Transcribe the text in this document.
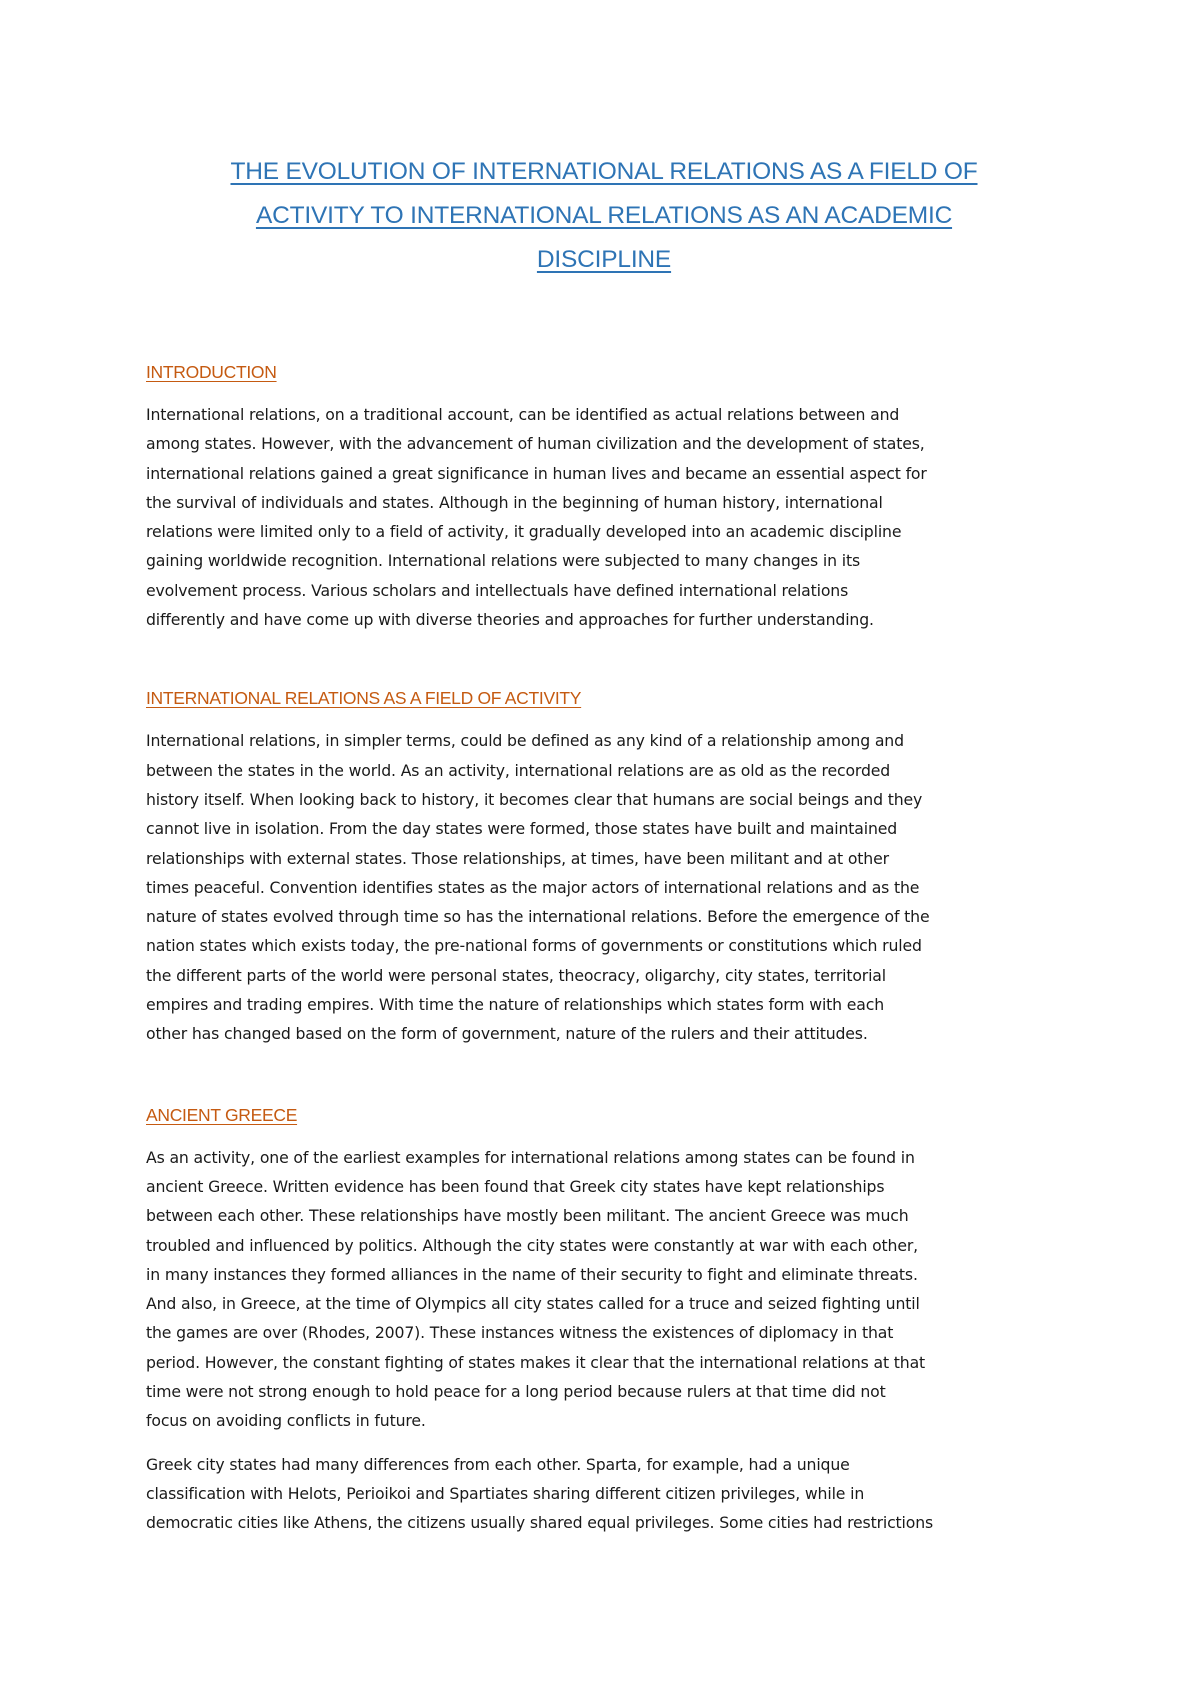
THE EVOLUTION OF INTERNATIONAL RELATIONS AS A FIELD OF
ACTIVITY TO INTERNATIONAL RELATIONS AS AN ACADEMIC
DISCIPLINE
INTRODUCTION

International relations, on a traditional account, can be identified as actual relations between and
among states. However, with the advancement of human civilization and the development of states,
international relations gained a great significance in human lives and became an essential aspect for
the survival of individuals and states. Although in the beginning of human history, international
relations were limited only to a field of activity, it gradually developed into an academic discipline
gaining worldwide recognition. International relations were subjected to many changes in its
evolvement process. Various scholars and intellectuals have defined international relations
differently and have come up with diverse theories and approaches for further understanding.

INTERNATIONAL RELATIONS AS A FIELD OF ACTIVITY

International relations, in simpler terms, could be defined as any kind of a relationship among and
between the states in the world. As an activity, international relations are as old as the recorded
history itself. When looking back to history, it becomes clear that humans are social beings and they
cannot live in isolation. From the day states were formed, those states have built and maintained
relationships with external states. Those relationships, at times, have been militant and at other
times peaceful. Convention identifies states as the major actors of international relations and as the
nature of states evolved through time so has the international relations. Before the emergence of the
nation states which exists today, the pre-national forms of governments or constitutions which ruled
the different parts of the world were personal states, theocracy, oligarchy, city states, territorial
empires and trading empires. With time the nature of relationships which states form with each
other has changed based on the form of government, nature of the rulers and their attitudes.

ANCIENT GREECE

As an activity, one of the earliest examples for international relations among states can be found in
ancient Greece. Written evidence has been found that Greek city states have kept relationships
between each other. These relationships have mostly been militant. The ancient Greece was much
troubled and influenced by politics. Although the city states were constantly at war with each other,
in many instances they formed alliances in the name of their security to fight and eliminate threats.
And also, in Greece, at the time of Olympics all city states called for a truce and seized fighting until
the games are over (Rhodes, 2007). These instances witness the existences of diplomacy in that
period. However, the constant fighting of states makes it clear that the international relations at that
time were not strong enough to hold peace for a long period because rulers at that time did not
focus on avoiding conflicts in future.

Greek city states had many differences from each other. Sparta, for example, had a unique
classification with Helots, Perioikoi and Spartiates sharing different citizen privileges, while in
democratic cities like Athens, the citizens usually shared equal privileges. Some cities had restrictions
